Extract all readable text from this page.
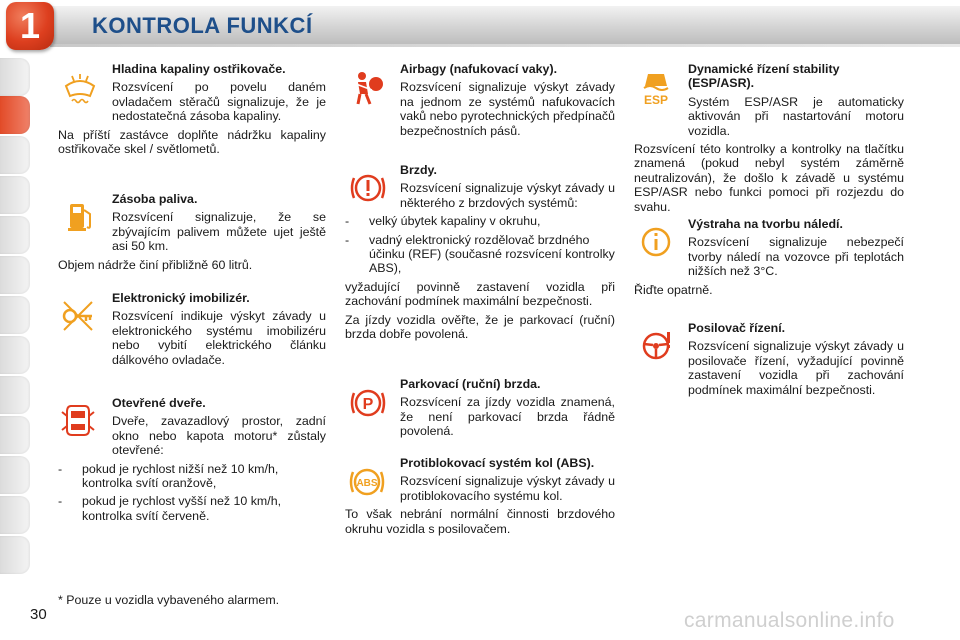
1	KONTROLA FUNKCÍ
Hladina kapaliny ostřikovače.

Rozsvícení po povelu daném ovladačem stěračů signalizuje, že je nedostatečná zásoba kapaliny.

Na příští zastávce doplňte nádržku kapaliny ostřikovače skel / světlometů.

Zásoba paliva.

Rozsvícení signalizuje, že se zbývajícím palivem můžete ujet ještě asi 50 km.

Objem nádrže činí přibližně 60 litrů.

Elektronický imobilizér.

Rozsvícení indikuje výskyt závady u elektronického systému imobilizéru nebo vybití elektrického článku dálkového ovladače.

Otevřené dveře.

Dveře, zavazadlový prostor, zadní okno nebo kapota motoru* zůstaly otevřené:

- pokud je rychlost nižší než 10 km/h, kontrolka svítí oranžově,
- pokud je rychlost vyšší než 10 km/h, kontrolka svítí červeně.
* Pouze u vozidla vybaveného alarmem.
Airbagy (nafukovací vaky).

Rozsvícení signalizuje výskyt závady na jednom ze systémů nafukovacích vaků nebo pyrotechnických předpínačů bezpečnostních pásů.

Brzdy.

Rozsvícení signalizuje výskyt závady u některého z brzdových systémů:

- velký úbytek kapaliny v okruhu,
- vadný elektronický rozdělovač brzdného účinku (REF) (současné rozsvícení kontrolky ABS),

vyžadující povinně zastavení vozidla při zachování podmínek maximální bezpečnosti.

Za jízdy vozidla ověřte, že je parkovací (ruční) brzda dobře povolená.

P
Parkovací (ruční) brzda.

Rozsvícení za jízdy vozidla znamená, že není parkovací brzda řádně povolená.

ABS
Protiblokovací systém kol (ABS).

Rozsvícení signalizuje výskyt závady u protiblokovacího systému kol.

To však nebrání normální činnosti brzdového okruhu vozidla s posilovačem.

ESP
Dynamické řízení stability (ESP/ASR).

Systém ESP/ASR je automaticky aktivován při nastartování motoru vozidla.

Rozsvícení této kontrolky a kontrolky na tlačítku znamená (pokud nebyl systém záměrně neutralizován), že došlo k závadě u systému ESP/ASR nebo funkci pomoci při rozjezdu do svahu.

Výstraha na tvorbu náledí.

Rozsvícení signalizuje nebezpečí tvorby náledí na vozovce při teplotách nižších než 3°C.

Řiďte opatrně.

Posilovač řízení.

Rozsvícení signalizuje výskyt závady u posilovače řízení, vyžadující povinně zastavení vozidla při zachování podmínek maximální bezpečnosti.

30	carmanualsonline.info
